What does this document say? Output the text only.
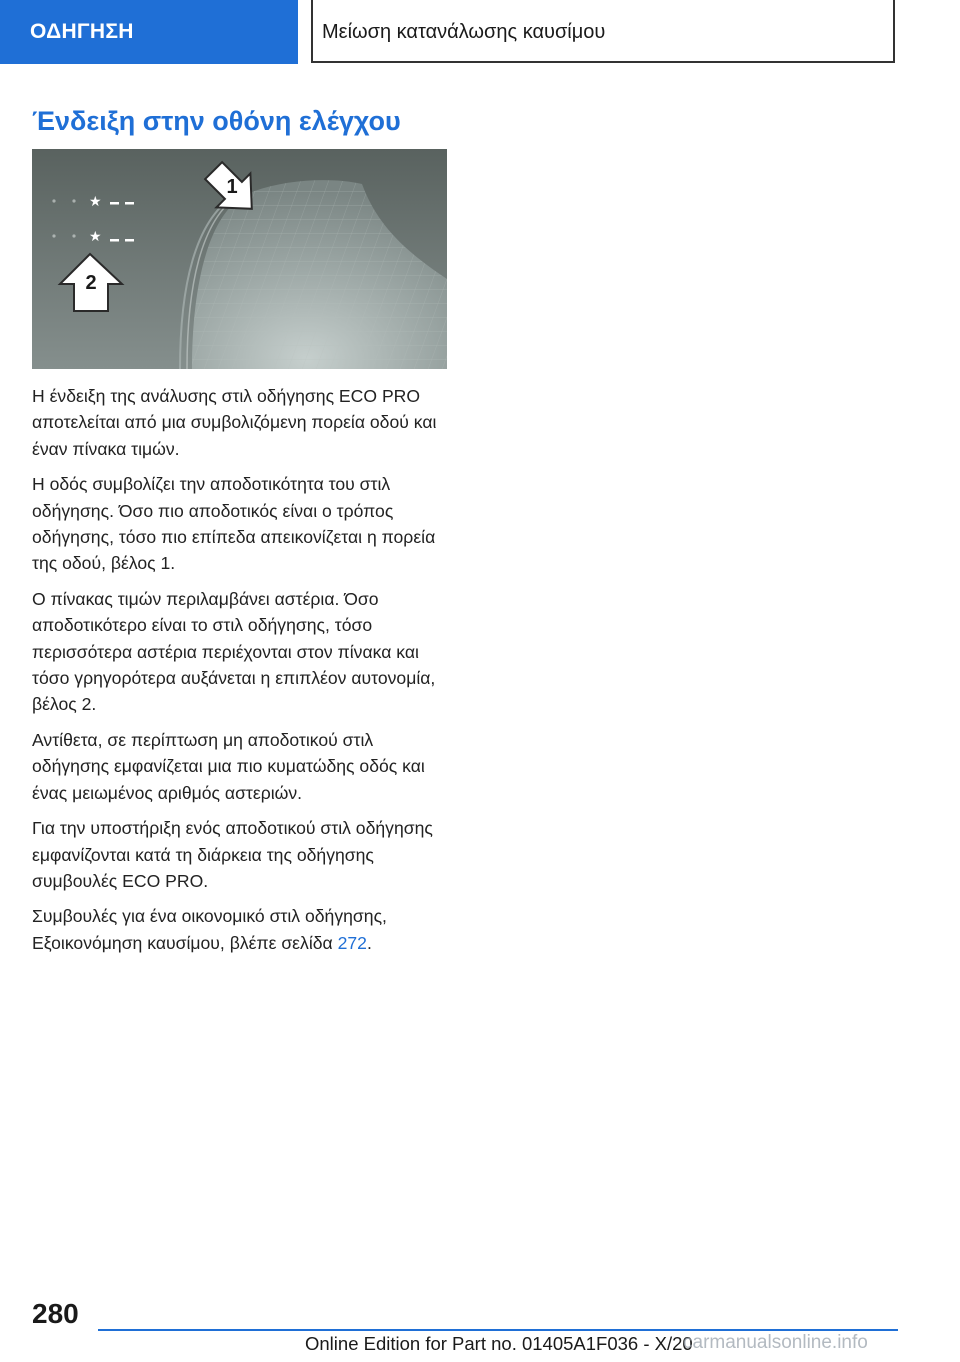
ΟΔΗΓΗΣΗ	Μείωση κατανάλωσης καυσίμου
Ένδειξη στην οθόνη ελέγχου
★
★
1
2

Η ένδειξη της ανάλυσης στιλ οδήγησης ECO PRO αποτελείται από μια συμβολιζόμενη πορεία οδού και έναν πίνακα τιμών.

Η οδός συμβολίζει την αποδοτικότητα του στιλ οδήγησης. Όσο πιο αποδοτικός είναι ο τρόπος οδήγησης, τόσο πιο επίπεδα απεικονίζεται η πορεία της οδού, βέλος 1.

Ο πίνακας τιμών περιλαμβάνει αστέρια. Όσο αποδοτικότερο είναι το στιλ οδήγησης, τόσο περισσότερα αστέρια περιέχονται στον πίνακα και τόσο γρηγορότερα αυξάνεται η επιπλέον αυτονομία, βέλος 2.

Αντίθετα, σε περίπτωση μη αποδοτικού στιλ οδήγησης εμφανίζεται μια πιο κυματώδης οδός και ένας μειωμένος αριθμός αστεριών.

Για την υποστήριξη ενός αποδοτικού στιλ οδήγησης εμφανίζονται κατά τη διάρκεια της οδήγησης συμβουλές ECO PRO.

Συμβουλές για ένα οικονομικό στιλ οδήγησης, Εξοικονόμηση καυσίμου, βλέπε σελίδα 272.

280
Online Edition for Part no. 01405A1F036 - X/20
carmanualsonline.info
